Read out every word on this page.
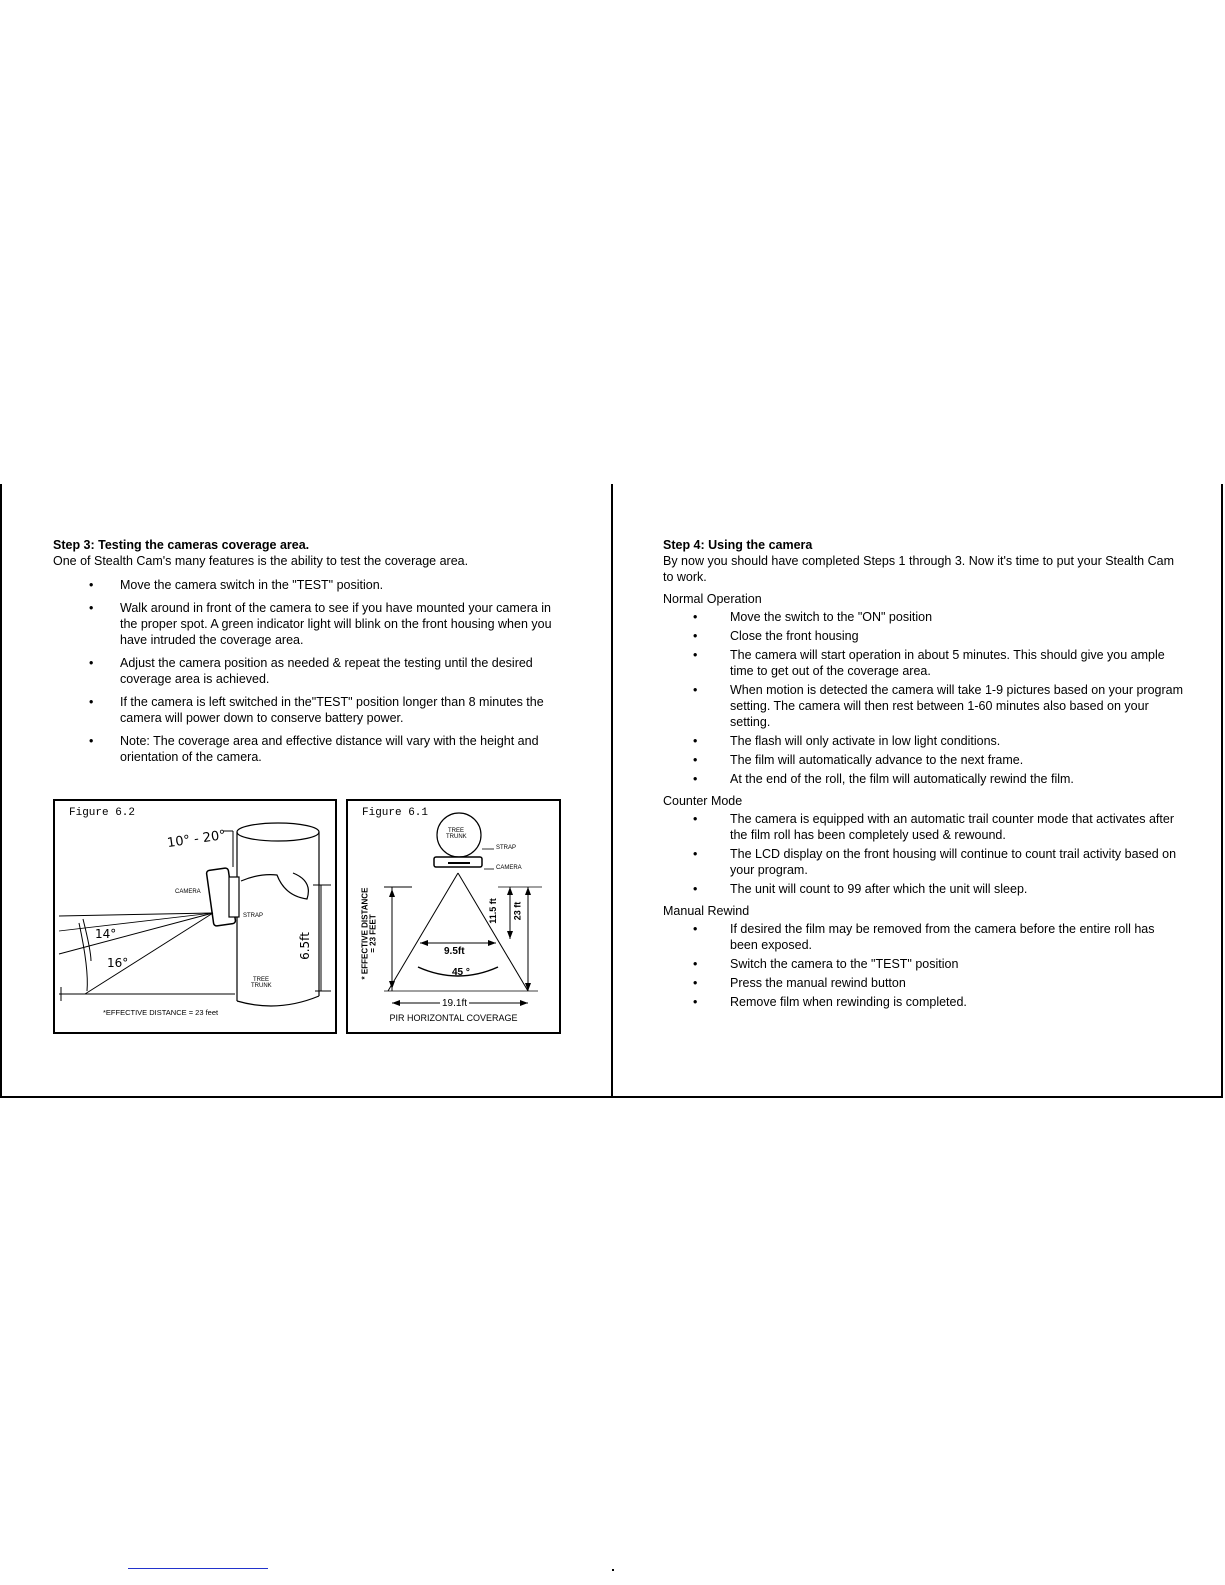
Step 3: Testing the cameras coverage area.

One of Stealth Cam's many features is the ability to test the coverage area.

• Move the camera switch in the "TEST" position.
• Walk around in front of the camera to see if you have mounted your camera in the proper spot. A green indicator light will blink on the front housing when you have intruded the coverage area.
• Adjust the camera position as needed & repeat the testing until the desired coverage area is achieved.
• If the camera is left switched in the"TEST" position longer than 8 minutes the camera will power down to conserve battery power.
• Note: The coverage area and effective distance will vary with the height and orientation of the camera.
Figure 6.2
10° - 20°
CAMERA
STRAP
14°
16°
6.5ft
TREE
TRUNK
*EFFECTIVE DISTANCE = 23 feet
Figure 6.1
TREE
TRUNK
STRAP
CAMERA
* EFFECTIVE DISTANCE = 23 FEET
11.5 ft 23 ft
9.5ft
45 °
19.1ft
PIR HORIZONTAL COVERAGE

Step 4: Using the camera

By now you should have completed Steps 1 through 3. Now it's time to put your Stealth Cam to work.

Normal Operation

•	Move the switch to the "ON" position
•	Close the front housing
•	The camera will start operation in about 5 minutes. This should give you ample time to get out of the coverage area.
•	When motion is detected the camera will take 1-9 pictures based on your program setting. The camera will then rest between 1-60 minutes also based on your setting.
•	The flash will only activate in low light conditions.
•	The film will automatically advance to the next frame.
•	At the end of the roll, the film will automatically rewind the film.

Counter Mode

•	The camera is equipped with an automatic trail counter mode that activates after the film roll has been completely used & rewound.
•	The LCD display on the front housing will continue to count trail activity based on your program.
•	The unit will count to 99 after which the unit will sleep.

Manual Rewind

•	If desired the film may be removed from the camera before the entire roll has been exposed.
•	Switch the camera to the "TEST" position
•	Press the manual rewind button
•	Remove film when rewinding is completed.
